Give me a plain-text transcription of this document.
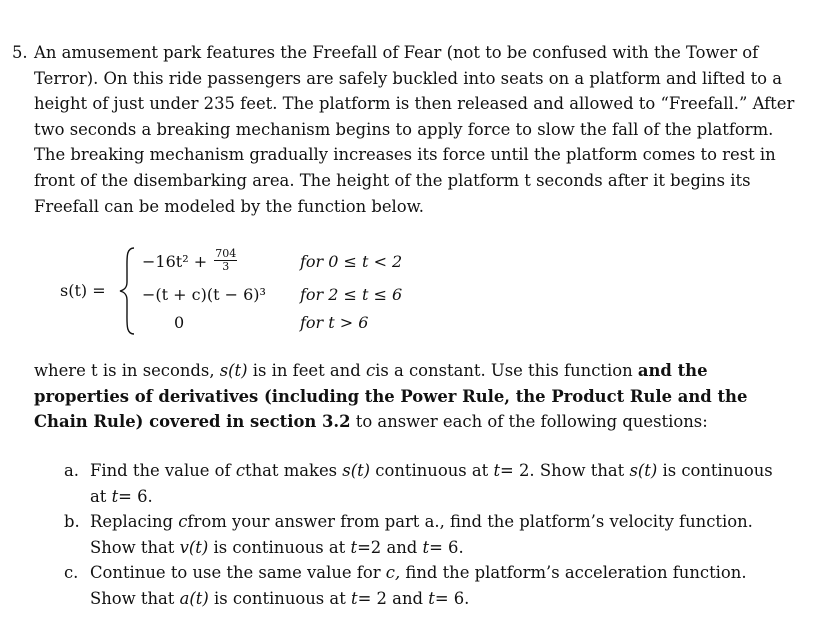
5. An amusement park features the Freefall of Fear (not to be confused with the Tower of Terror). On this ride passengers are safely buckled into seats on a platform and lifted to a height of just under 235 feet. The platform is then released and allowed to “Freefall.” After two seconds a breaking mechanism begins to apply force to slow the fall of the platform. The breaking mechanism gradually increases its force until the platform comes to rest in front of the disembarking area. The height of the platform t seconds after it begins its Freefall can be modeled by the function below.
s(t) =
$-16t^2 + \frac{704}{3}$	for 0 ≤ t < 2
−(t + c)(t − 6)³ for 2 ≤ t ≤ 6
0	for t > 6
where t is in seconds, s(t) is in feet and cis a constant. Use this function and the properties of derivatives (including the Power Rule, the Product Rule and the Chain Rule) covered in section 3.2 to answer each of the following questions:

a. Find the value of cthat makes s(t) continuous at t= 2. Show that s(t) is continuous at t= 6.

b. Replacing cfrom your answer from part a., find the platform’s velocity function. Show that v(t) is continuous at t=2 and t= 6.

c. Continue to use the same value for c, find the platform’s acceleration function. Show that a(t) is continuous at t= 2 and t= 6.
